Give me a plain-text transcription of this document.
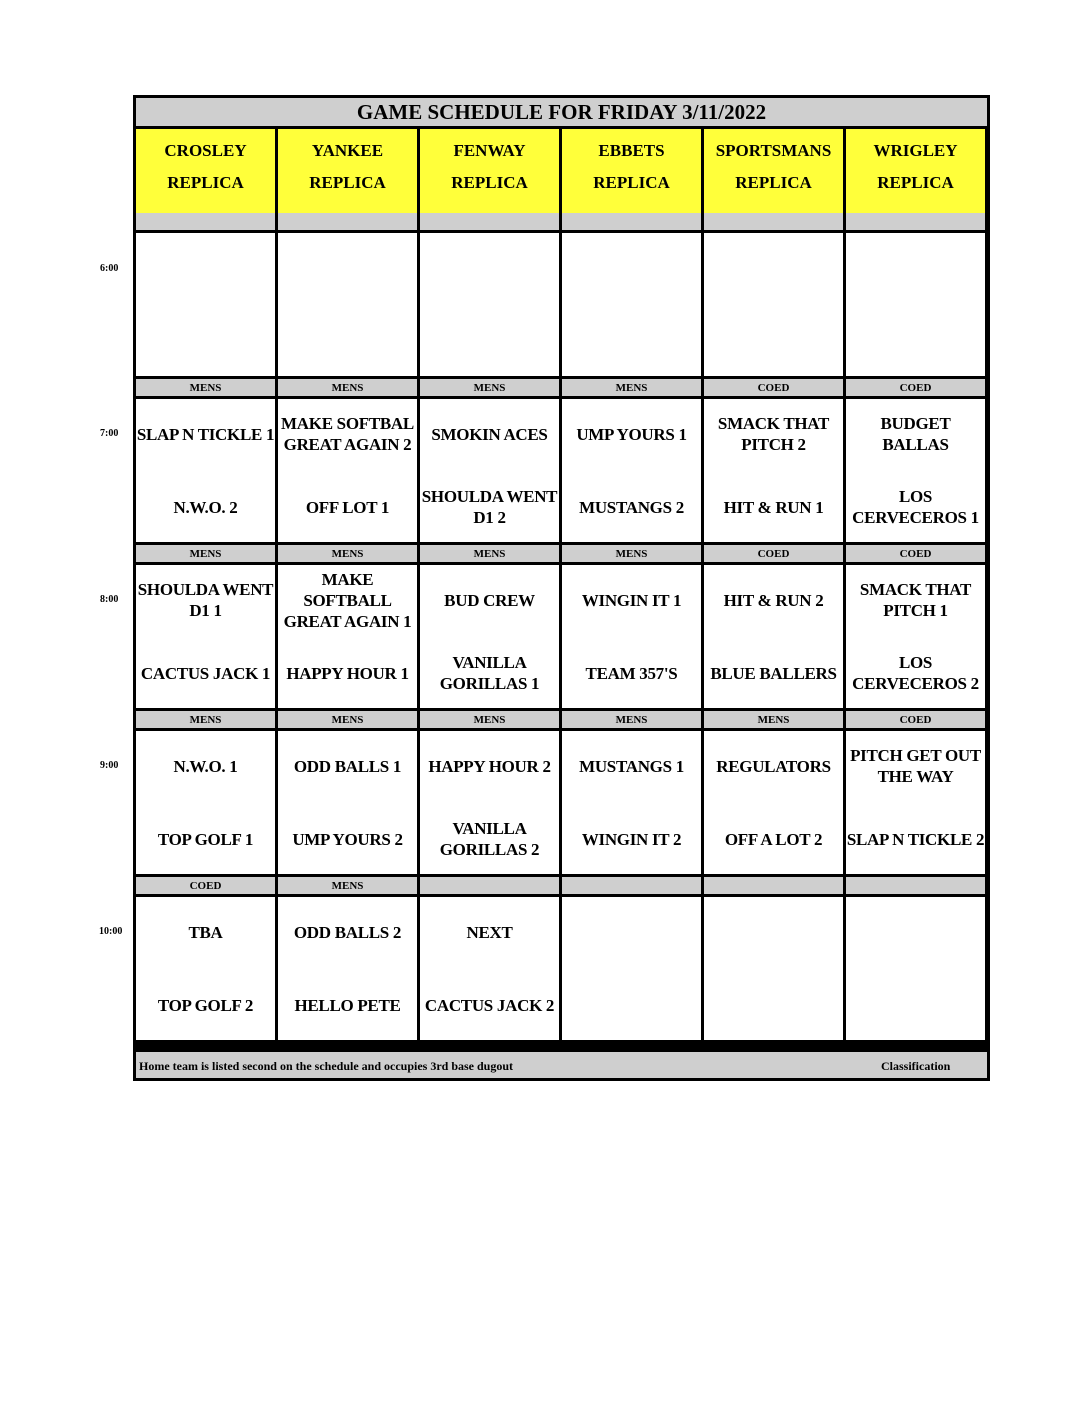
GAME SCHEDULE FOR FRIDAY 3/11/2022
Home team is listed second on the schedule and occupies 3rd base dugout	Classification
CROSLEY
REPLICA
MENS
SLAP N TICKLE 1
N.W.O. 2
MENS
SHOULDA WENT D1 1
CACTUS JACK 1
MENS
N.W.O. 1
TOP GOLF 1
COED
TBA
TOP GOLF 2
YANKEE
REPLICA
MENS
MAKE SOFTBAL GREAT AGAIN 2
OFF LOT 1
MENS
MAKE SOFTBALL GREAT AGAIN 1
HAPPY HOUR 1
MENS
ODD BALLS 1
UMP YOURS 2
MENS
ODD BALLS 2
HELLO PETE
FENWAY
REPLICA
MENS
SMOKIN ACES
SHOULDA WENT D1 2
MENS
BUD CREW
VANILLA GORILLAS 1
MENS
HAPPY HOUR 2
VANILLA GORILLAS 2
NEXT
CACTUS JACK 2
EBBETS
REPLICA
MENS
UMP YOURS 1
MUSTANGS 2
MENS
WINGIN IT 1
TEAM 357'S
MENS
MUSTANGS 1
WINGIN IT 2
SPORTSMANS
REPLICA
COED
SMACK THAT PITCH 2
HIT & RUN 1
COED
HIT & RUN 2
BLUE BALLERS
MENS
REGULATORS
OFF A LOT 2
WRIGLEY
REPLICA
COED
BUDGET BALLAS
LOS CERVECEROS 1
COED
SMACK THAT PITCH 1
LOS CERVECEROS 2
COED
PITCH GET OUT THE WAY
SLAP N TICKLE 2
6:00
7:00
8:00
9:00
10:00
